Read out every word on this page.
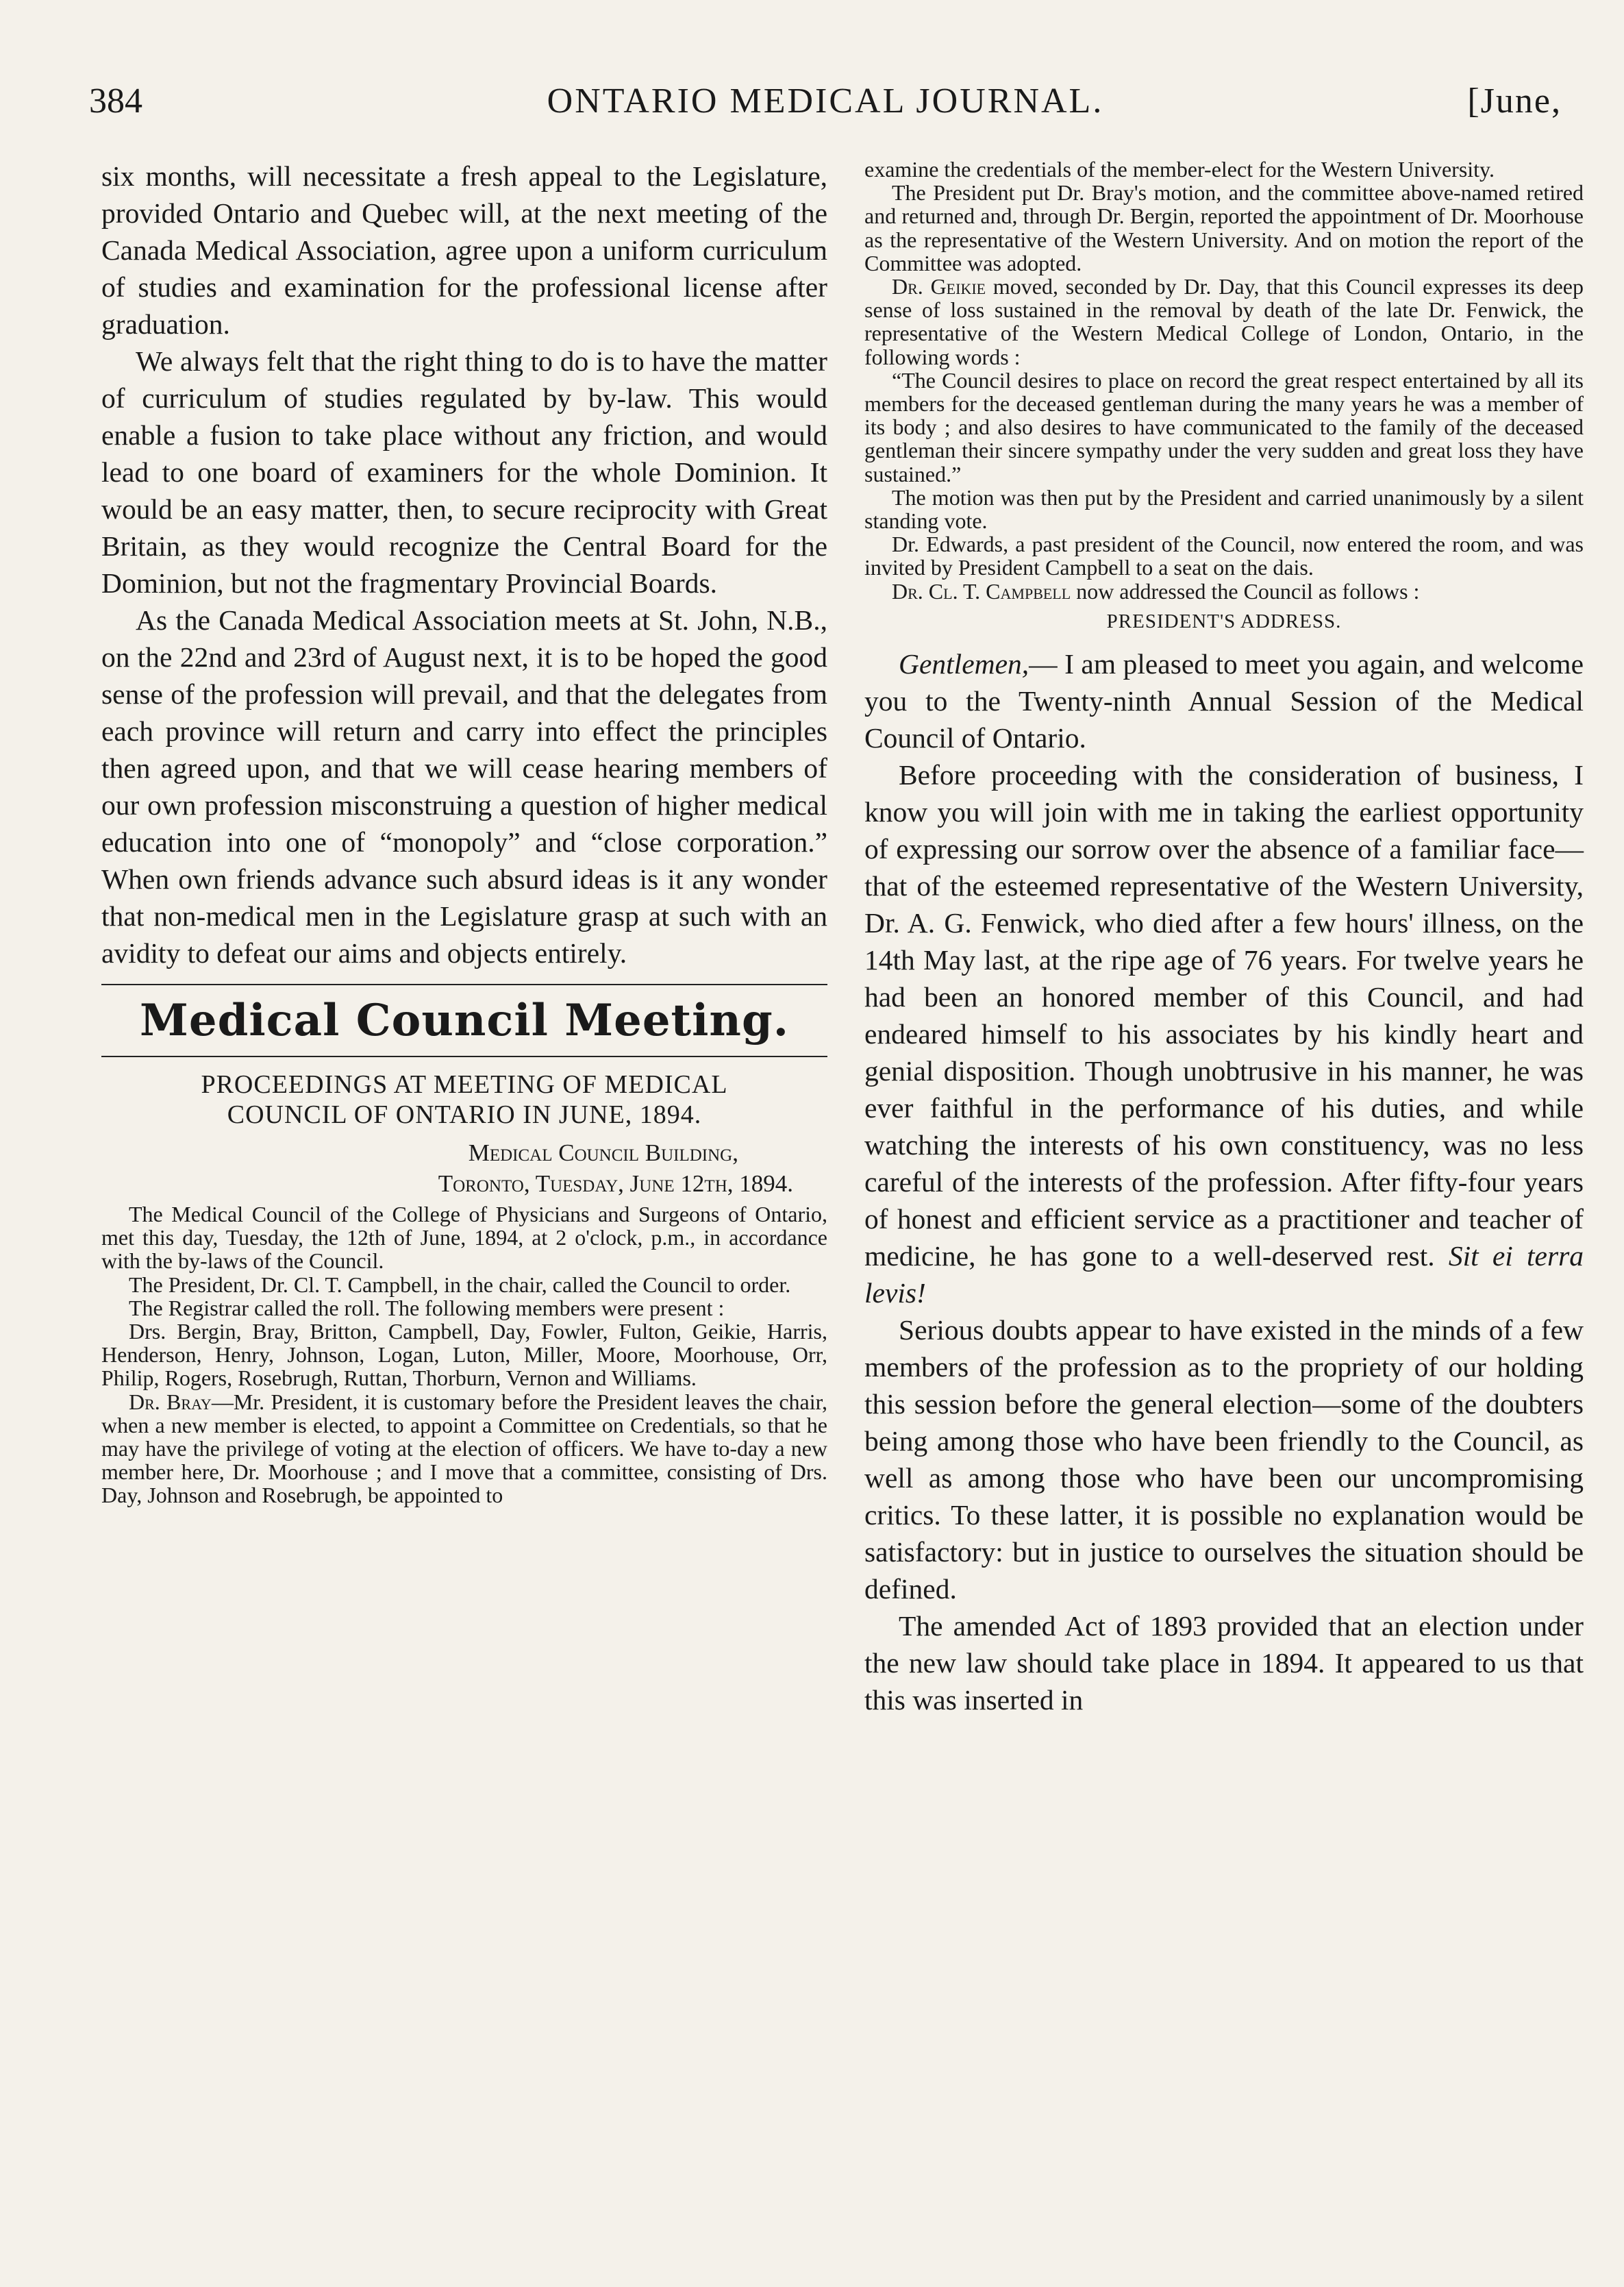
384	ONTARIO MEDICAL JOURNAL.	[June,

six months, will necessitate a fresh appeal to the Legislature, provided Ontario and Quebec will, at the next meeting of the Canada Medical Association, agree upon a uniform curriculum of studies and examination for the professional license after graduation.

We always felt that the right thing to do is to have the matter of curriculum of studies regulated by by-law. This would enable a fusion to take place without any friction, and would lead to one board of examiners for the whole Dominion. It would be an easy matter, then, to secure reciprocity with Great Britain, as they would recognize the Central Board for the Dominion, but not the fragmentary Provincial Boards.

As the Canada Medical Association meets at St. John, N.B., on the 22nd and 23rd of August next, it is to be hoped the good sense of the profession will prevail, and that the delegates from each province will return and carry into effect the principles then agreed upon, and that we will cease hearing members of our own profession misconstruing a question of higher medical education into one of “monopoly” and “close corporation.” When own friends advance such absurd ideas is it any wonder that non-medical men in the Legislature grasp at such with an avidity to defeat our aims and objects entirely.

Medical Council Meeting.
PROCEEDINGS AT MEETING OF MEDICAL
COUNCIL OF ONTARIO IN JUNE, 1894.
Medical Council Building,
Toronto, Tuesday, June 12th, 1894.

The Medical Council of the College of Physicians and Surgeons of Ontario, met this day, Tuesday, the 12th of June, 1894, at 2 o'clock, p.m., in accordance with the by-laws of the Council.

The President, Dr. Cl. T. Campbell, in the chair, called the Council to order.

The Registrar called the roll. The following members were present :

Drs. Bergin, Bray, Britton, Campbell, Day, Fowler, Fulton, Geikie, Harris, Henderson, Henry, Johnson, Logan, Luton, Miller, Moore, Moorhouse, Orr, Philip, Rogers, Rosebrugh, Ruttan, Thorburn, Vernon and Williams.

Dr. Bray—Mr. President, it is customary before the President leaves the chair, when a new member is elected, to appoint a Committee on Credentials, so that he may have the privilege of voting at the election of officers. We have to-day a new member here, Dr. Moorhouse ; and I move that a committee, consisting of Drs. Day, Johnson and Rosebrugh, be appointed to

examine the credentials of the member-elect for the Western University.

The President put Dr. Bray's motion, and the committee above-named retired and returned and, through Dr. Bergin, reported the appointment of Dr. Moorhouse as the representative of the Western University. And on motion the report of the Committee was adopted.

Dr. Geikie moved, seconded by Dr. Day, that this Council expresses its deep sense of loss sustained in the removal by death of the late Dr. Fenwick, the representative of the Western Medical College of London, Ontario, in the following words :

“The Council desires to place on record the great respect entertained by all its members for the deceased gentleman during the many years he was a member of its body ; and also desires to have communicated to the family of the deceased gentleman their sincere sympathy under the very sudden and great loss they have sustained.”

The motion was then put by the President and carried unanimously by a silent standing vote.

Dr. Edwards, a past president of the Council, now entered the room, and was invited by President Campbell to a seat on the dais.

Dr. Cl. T. Campbell now addressed the Council as follows :

PRESIDENT'S ADDRESS.

Gentlemen,— I am pleased to meet you again, and welcome you to the Twenty-ninth Annual Session of the Medical Council of Ontario.

Before proceeding with the consideration of business, I know you will join with me in taking the earliest opportunity of expressing our sorrow over the absence of a familiar face—that of the esteemed representative of the Western University, Dr. A. G. Fenwick, who died after a few hours' illness, on the 14th May last, at the ripe age of 76 years. For twelve years he had been an honored member of this Council, and had endeared himself to his associates by his kindly heart and genial disposition. Though unobtrusive in his manner, he was ever faithful in the performance of his duties, and while watching the interests of his own constituency, was no less careful of the interests of the profession. After fifty-four years of honest and efficient service as a practitioner and teacher of medicine, he has gone to a well-deserved rest. Sit ei terra levis!

Serious doubts appear to have existed in the minds of a few members of the profession as to the propriety of our holding this session before the general election—some of the doubters being among those who have been friendly to the Council, as well as among those who have been our uncompromising critics. To these latter, it is possible no explanation would be satisfactory: but in justice to ourselves the situation should be defined.

The amended Act of 1893 provided that an election under the new law should take place in 1894. It appeared to us that this was inserted in
